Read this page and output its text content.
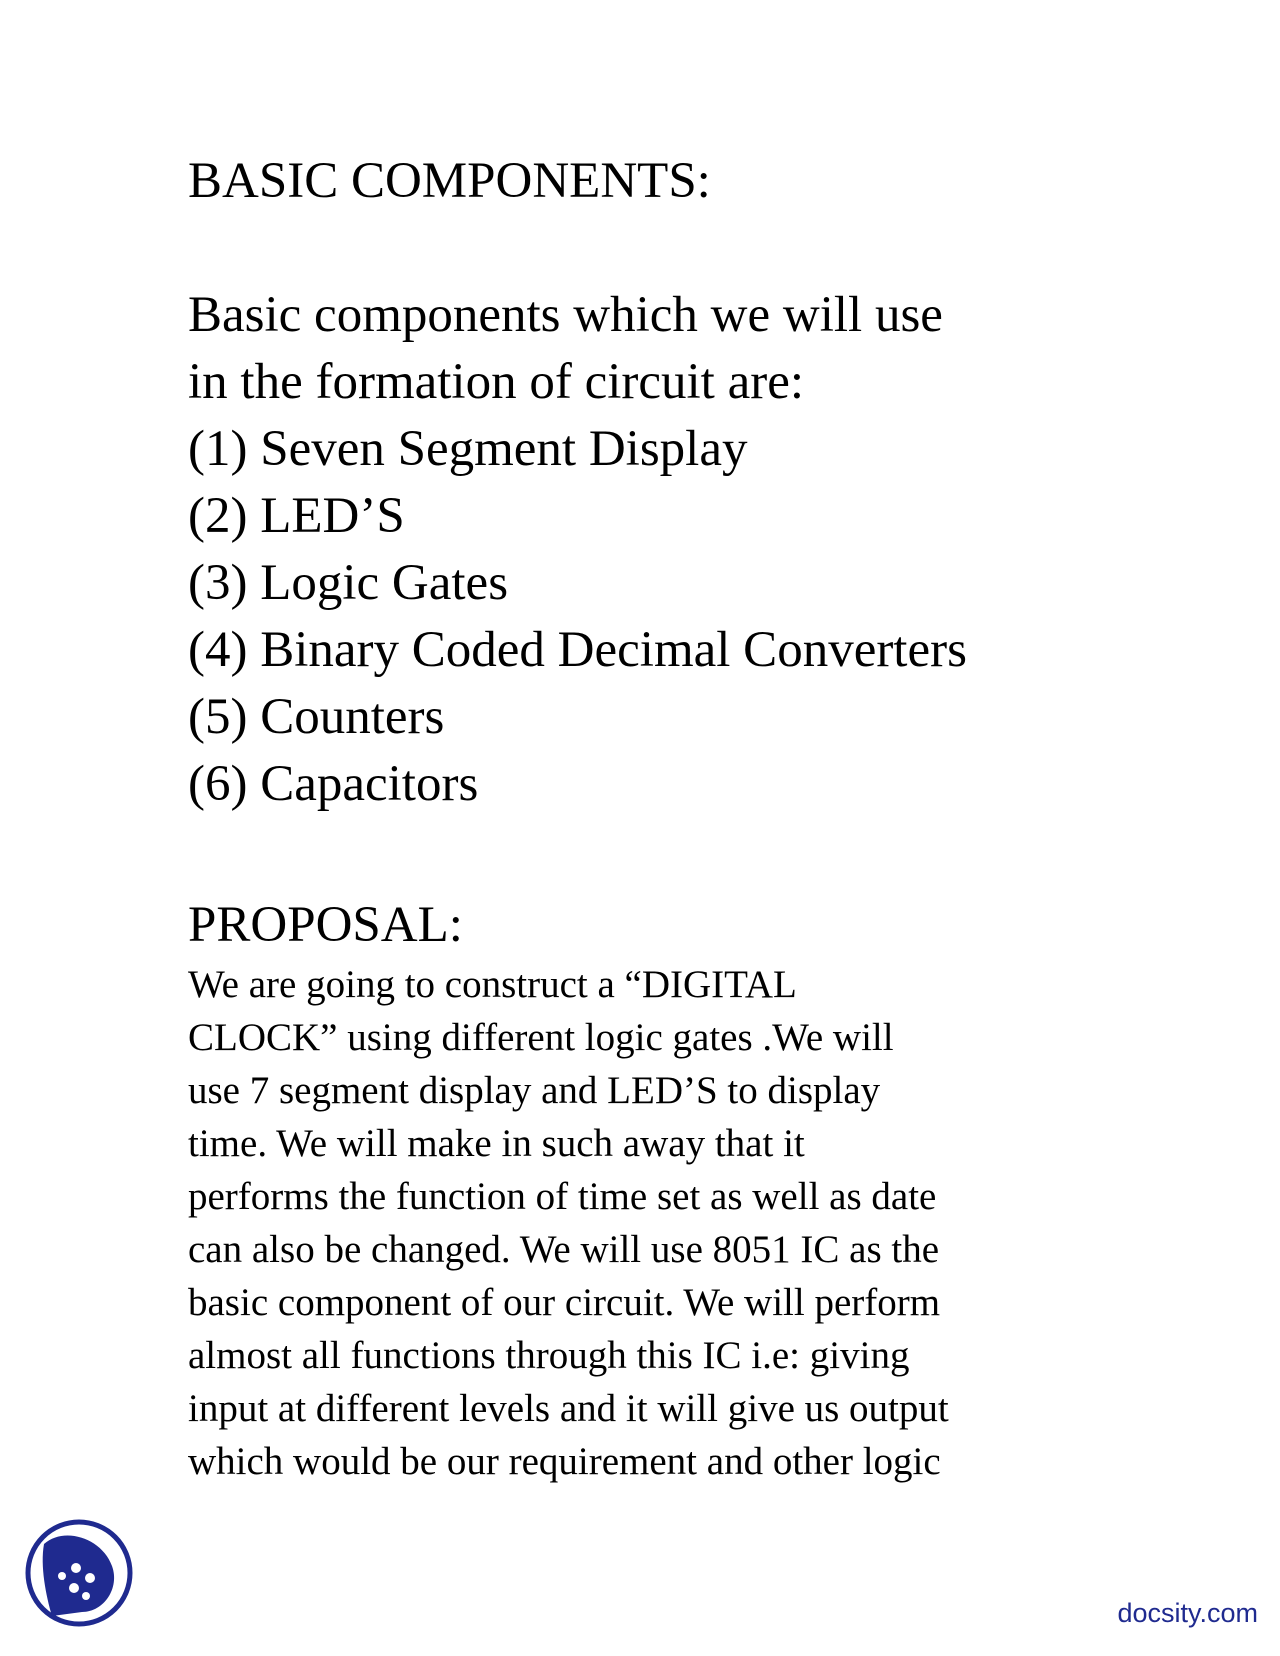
BASIC COMPONENTS:

Basic components which we will use

in the formation of circuit are:

(1) Seven Segment Display
(2) LED’S
(3) Logic Gates
(4) Binary Coded Decimal Converters
(5) Counters
(6) Capacitors
PROPOSAL:

We are going to construct a “DIGITAL
CLOCK” using different logic gates .We will
use 7 segment display and LED’S to display
time. We will make in such away that it
performs the function of time set as well as date
can also be changed. We will use 8051 IC as the
basic component of our circuit. We will perform
almost all functions through this IC i.e: giving
input at different levels and it will give us output
which would be our requirement and other logic

docsity.com
